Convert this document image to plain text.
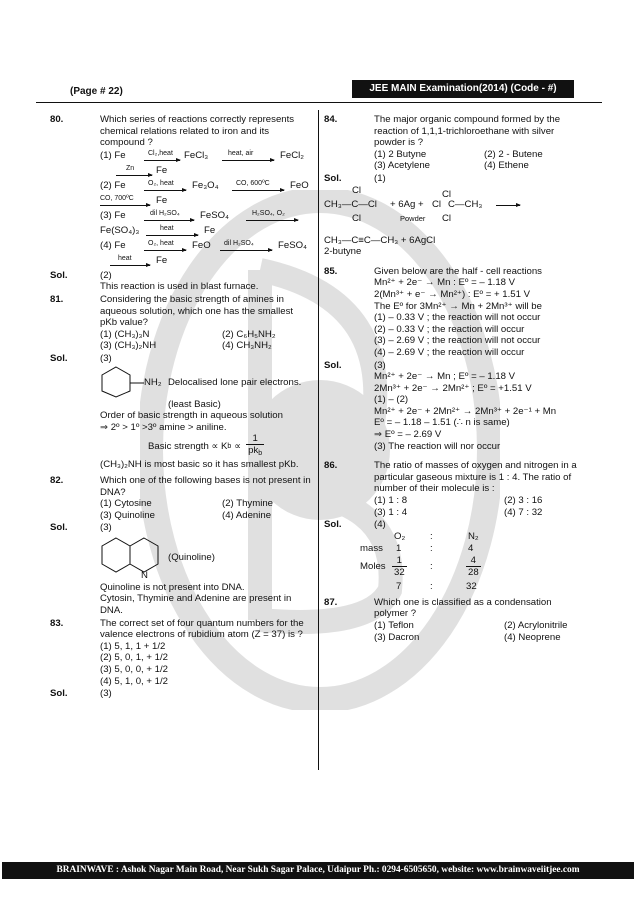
(Page # 22)	JEE MAIN Examination(2014) (Code - #)
80.	Which series of reactions correctly represents chemical relations related to iron and its compound ?
(1) Fe	Cl₂,heat FeCl₃	heat, air	FeCl₂
Zn Fe
(2) Fe	O₂, heat Fe₃O₄	CO, 600ºC FeO
CO, 700ºC Fe
(3) Fe	dil H₂SO₄ FeSO₄	H₂SO₄, O₂
Fe(SO₄)₃	heat	Fe
(4) Fe	O₂, heat FeO dil H₂SO₄	FeSO₄
heat	Fe
Sol.	(2)
This reaction is used in blast furnace.
81.	Considering the basic strength of amines in aqueous solution, which one has the smallest pKb value?
(1) (CH₃)₃N	(2) C₆H₅NH₂
(3) (CH₃)₂NH	(4) CH₃NH₂
Sol.	(3)
NH₂ Delocalised lone pair electrons.
(least Basic)
Order of basic strength in aqueous solution
⇒ 2º > 1º >3º amine > aniline.
Basic strength ∝ K $b \propto \frac{1}{pk_b}$
(CH₃)₂NH is most basic so it has smallest pKb.
82.	Which one of the following bases is not present in DNA?
(1) Cytosine	(2) Thymine
(3) Quinoline	(4) Adenine
Sol.	(3)
N
(Quinoline)
Quinoline is not present into DNA.
Cytosin, Thymine and Adenine are present in DNA.
83.	The correct set of four quantum numbers for the valence electrons of rubidium atom (Z = 37) is ?
(1) 5, 1, 1 + 1/2
(2) 5, 0, 1, + 1/2
(3) 5, 0, 0, + 1/2
(4) 5, 1, 0, + 1/2
Sol.	(3)
84.	The major organic compound formed by the reaction of 1,1,1-trichloroethane with silver powder is ?
(1) 2 Butyne	(2) 2 - Butene
(3) Acetylene	(4) Ethene
Sol.	(1)
Cl
CH₃—C—Cl
Cl
+ 6Ag +
Cl
Cl C—CH₃
Cl
Powder
CH₃—C≡C—CH₃ + 6AgCl
2-butyne
85.	Given below are the half - cell reactions
Mn²⁺ + 2e⁻ → Mn : Eº = – 1.18 V
2(Mn³⁺ + e⁻ → Mn²⁺) : Eº = + 1.51 V
The Eº for 3Mn²⁺ → Mn + 2Mn³⁺ will be
(1) – 0.33 V ; the reaction will not occur
(2) – 0.33 V ; the reaction will occur
(3) – 2.69 V ; the reaction will not occur
(4) – 2.69 V ; the reaction will occur
Sol.	(3)
Mn²⁺ + 2e⁻ → Mn ; Eº = – 1.18 V
2Mn³⁺ + 2e⁻ → 2Mn²⁺ ; Eº = +1.51 V
(1) – (2)
Mn²⁺ + 2e⁻ + 2Mn²⁺ → 2Mn³⁺ + 2e⁻¹ + Mn
Eº = – 1.18 – 1.51 (∴ n is same)
⇒ Eº = – 2.69 V
(3) The reaction will nor occur
86.	The ratio of masses of oxygen and nitrogen in a particular gaseous mixture is 1 : 4. The ratio of number of their molecule is :
(1) 1 : 8	(2) 3 : 16
(3) 1 : 4	(4) 7 : 32
Sol.	(4)
O₂	:	N₂
mass 1	:	4
Moles $\frac{1}{32}$ :	$\frac{4}{28}$
7	:	32
87.	Which one is classified as a condensation polymer ?
(1) Teflon	(2) Acrylonitrile
(3) Dacron	(4) Neoprene
BRAINWAVE : Ashok Nagar Main Road, Near Sukh Sagar Palace, Udaipur Ph.: 0294-6505650, website: www.brainwaveiitjee.com
